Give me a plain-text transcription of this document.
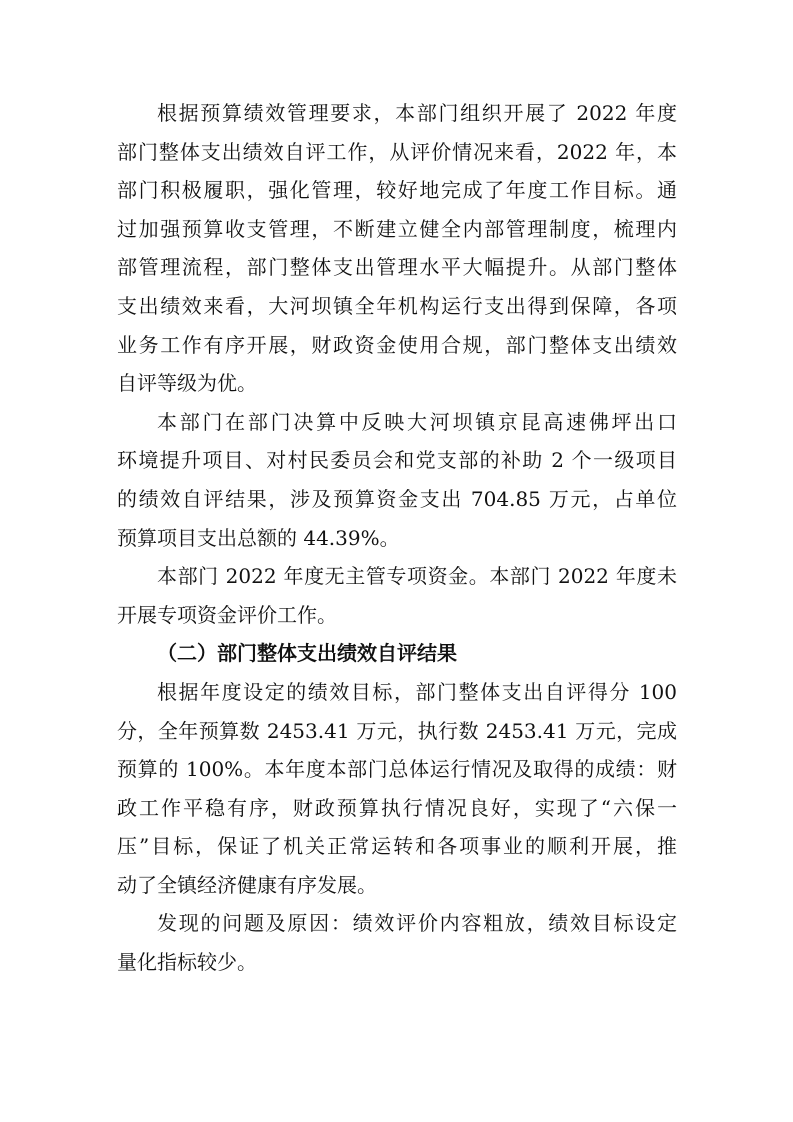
根据预算绩效管理要求，本部门组织开展了 2022 年度
部门整体支出绩效自评工作，从评价情况来看，2022 年，本
部门积极履职，强化管理，较好地完成了年度工作目标。通
过加强预算收支管理，不断建立健全内部管理制度，梳理内
部管理流程，部门整体支出管理水平大幅提升。从部门整体
支出绩效来看，大河坝镇全年机构运行支出得到保障，各项
业务工作有序开展，财政资金使用合规，部门整体支出绩效
自评等级为优。
本部门在部门决算中反映大河坝镇京昆高速佛坪出口
环境提升项目、对村民委员会和党支部的补助 2 个一级项目
的绩效自评结果，涉及预算资金支出 704.85 万元，占单位
预算项目支出总额的 44.39%。
本部门 2022 年度无主管专项资金。本部门 2022 年度未
开展专项资金评价工作。
（二）部门整体支出绩效自评结果
根据年度设定的绩效目标，部门整体支出自评得分 100
分，全年预算数 2453.41 万元，执行数 2453.41 万元，完成
预算的 100%。本年度本部门总体运行情况及取得的成绩：财
政工作平稳有序，财政预算执行情况良好，实现了“六保一
压”目标，保证了机关正常运转和各项事业的顺利开展，推
动了全镇经济健康有序发展。
发现的问题及原因：绩效评价内容粗放，绩效目标设定
量化指标较少。
